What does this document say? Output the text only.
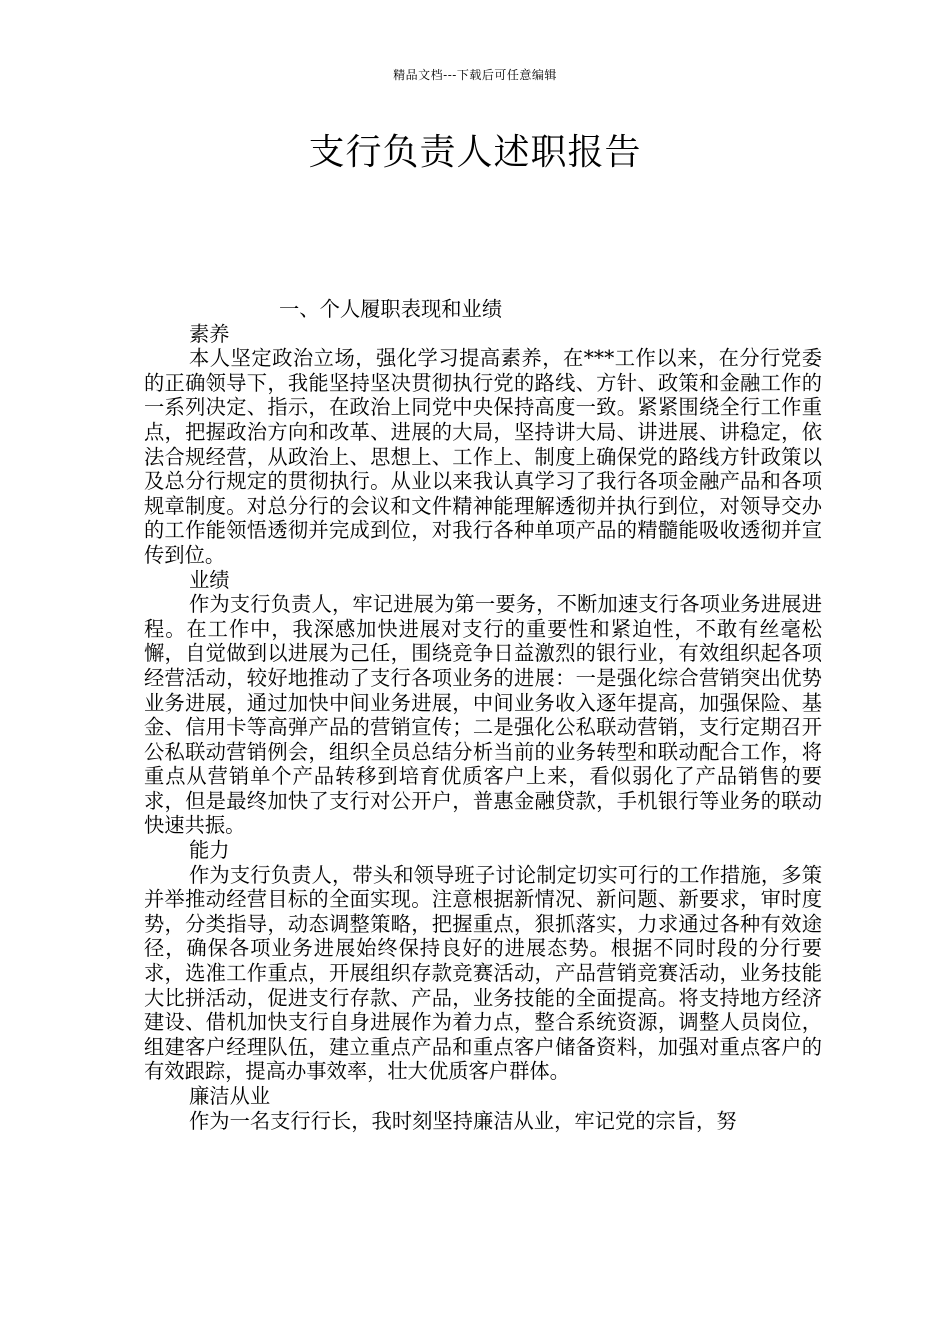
精品文档---下载后可任意编辑
支行负责人述职报告
一、个人履职表现和业绩
素养
本人坚定政治立场，强化学习提高素养，在***工作以来，在分行党委的正确领导下，我能坚持坚决贯彻执行党的路线、方针、政策和金融工作的一系列决定、指示，在政治上同党中央保持高度一致。紧紧围绕全行工作重点，把握政治方向和改革、进展的大局，坚持讲大局、讲进展、讲稳定，依法合规经营，从政治上、思想上、工作上、制度上确保党的路线方针政策以及总分行规定的贯彻执行。从业以来我认真学习了我行各项金融产品和各项规章制度。对总分行的会议和文件精神能理解透彻并执行到位，对领导交办的工作能领悟透彻并完成到位，对我行各种单项产品的精髓能吸收透彻并宣传到位。
业绩
作为支行负责人，牢记进展为第一要务，不断加速支行各项业务进展进程。在工作中，我深感加快进展对支行的重要性和紧迫性，不敢有丝毫松懈，自觉做到以进展为己任，围绕竞争日益激烈的银行业，有效组织起各项经营活动，较好地推动了支行各项业务的进展：一是强化综合营销突出优势业务进展，通过加快中间业务进展，中间业务收入逐年提高，加强保险、基金、信用卡等高弹产品的营销宣传；二是强化公私联动营销，支行定期召开公私联动营销例会，组织全员总结分析当前的业务转型和联动配合工作，将重点从营销单个产品转移到培育优质客户上来，看似弱化了产品销售的要求，但是最终加快了支行对公开户，普惠金融贷款，手机银行等业务的联动快速共振。
能力
作为支行负责人，带头和领导班子讨论制定切实可行的工作措施，多策并举推动经营目标的全面实现。注意根据新情况、新问题、新要求，审时度势，分类指导，动态调整策略，把握重点，狠抓落实，力求通过各种有效途径，确保各项业务进展始终保持良好的进展态势。根据不同时段的分行要求，选准工作重点，开展组织存款竞赛活动，产品营销竞赛活动，业务技能大比拼活动，促进支行存款、产品，业务技能的全面提高。将支持地方经济建设、借机加快支行自身进展作为着力点，整合系统资源，调整人员岗位，组建客户经理队伍，建立重点产品和重点客户储备资料，加强对重点客户的有效跟踪，提高办事效率，壮大优质客户群体。
廉洁从业
作为一名支行行长，我时刻坚持廉洁从业，牢记党的宗旨，努
